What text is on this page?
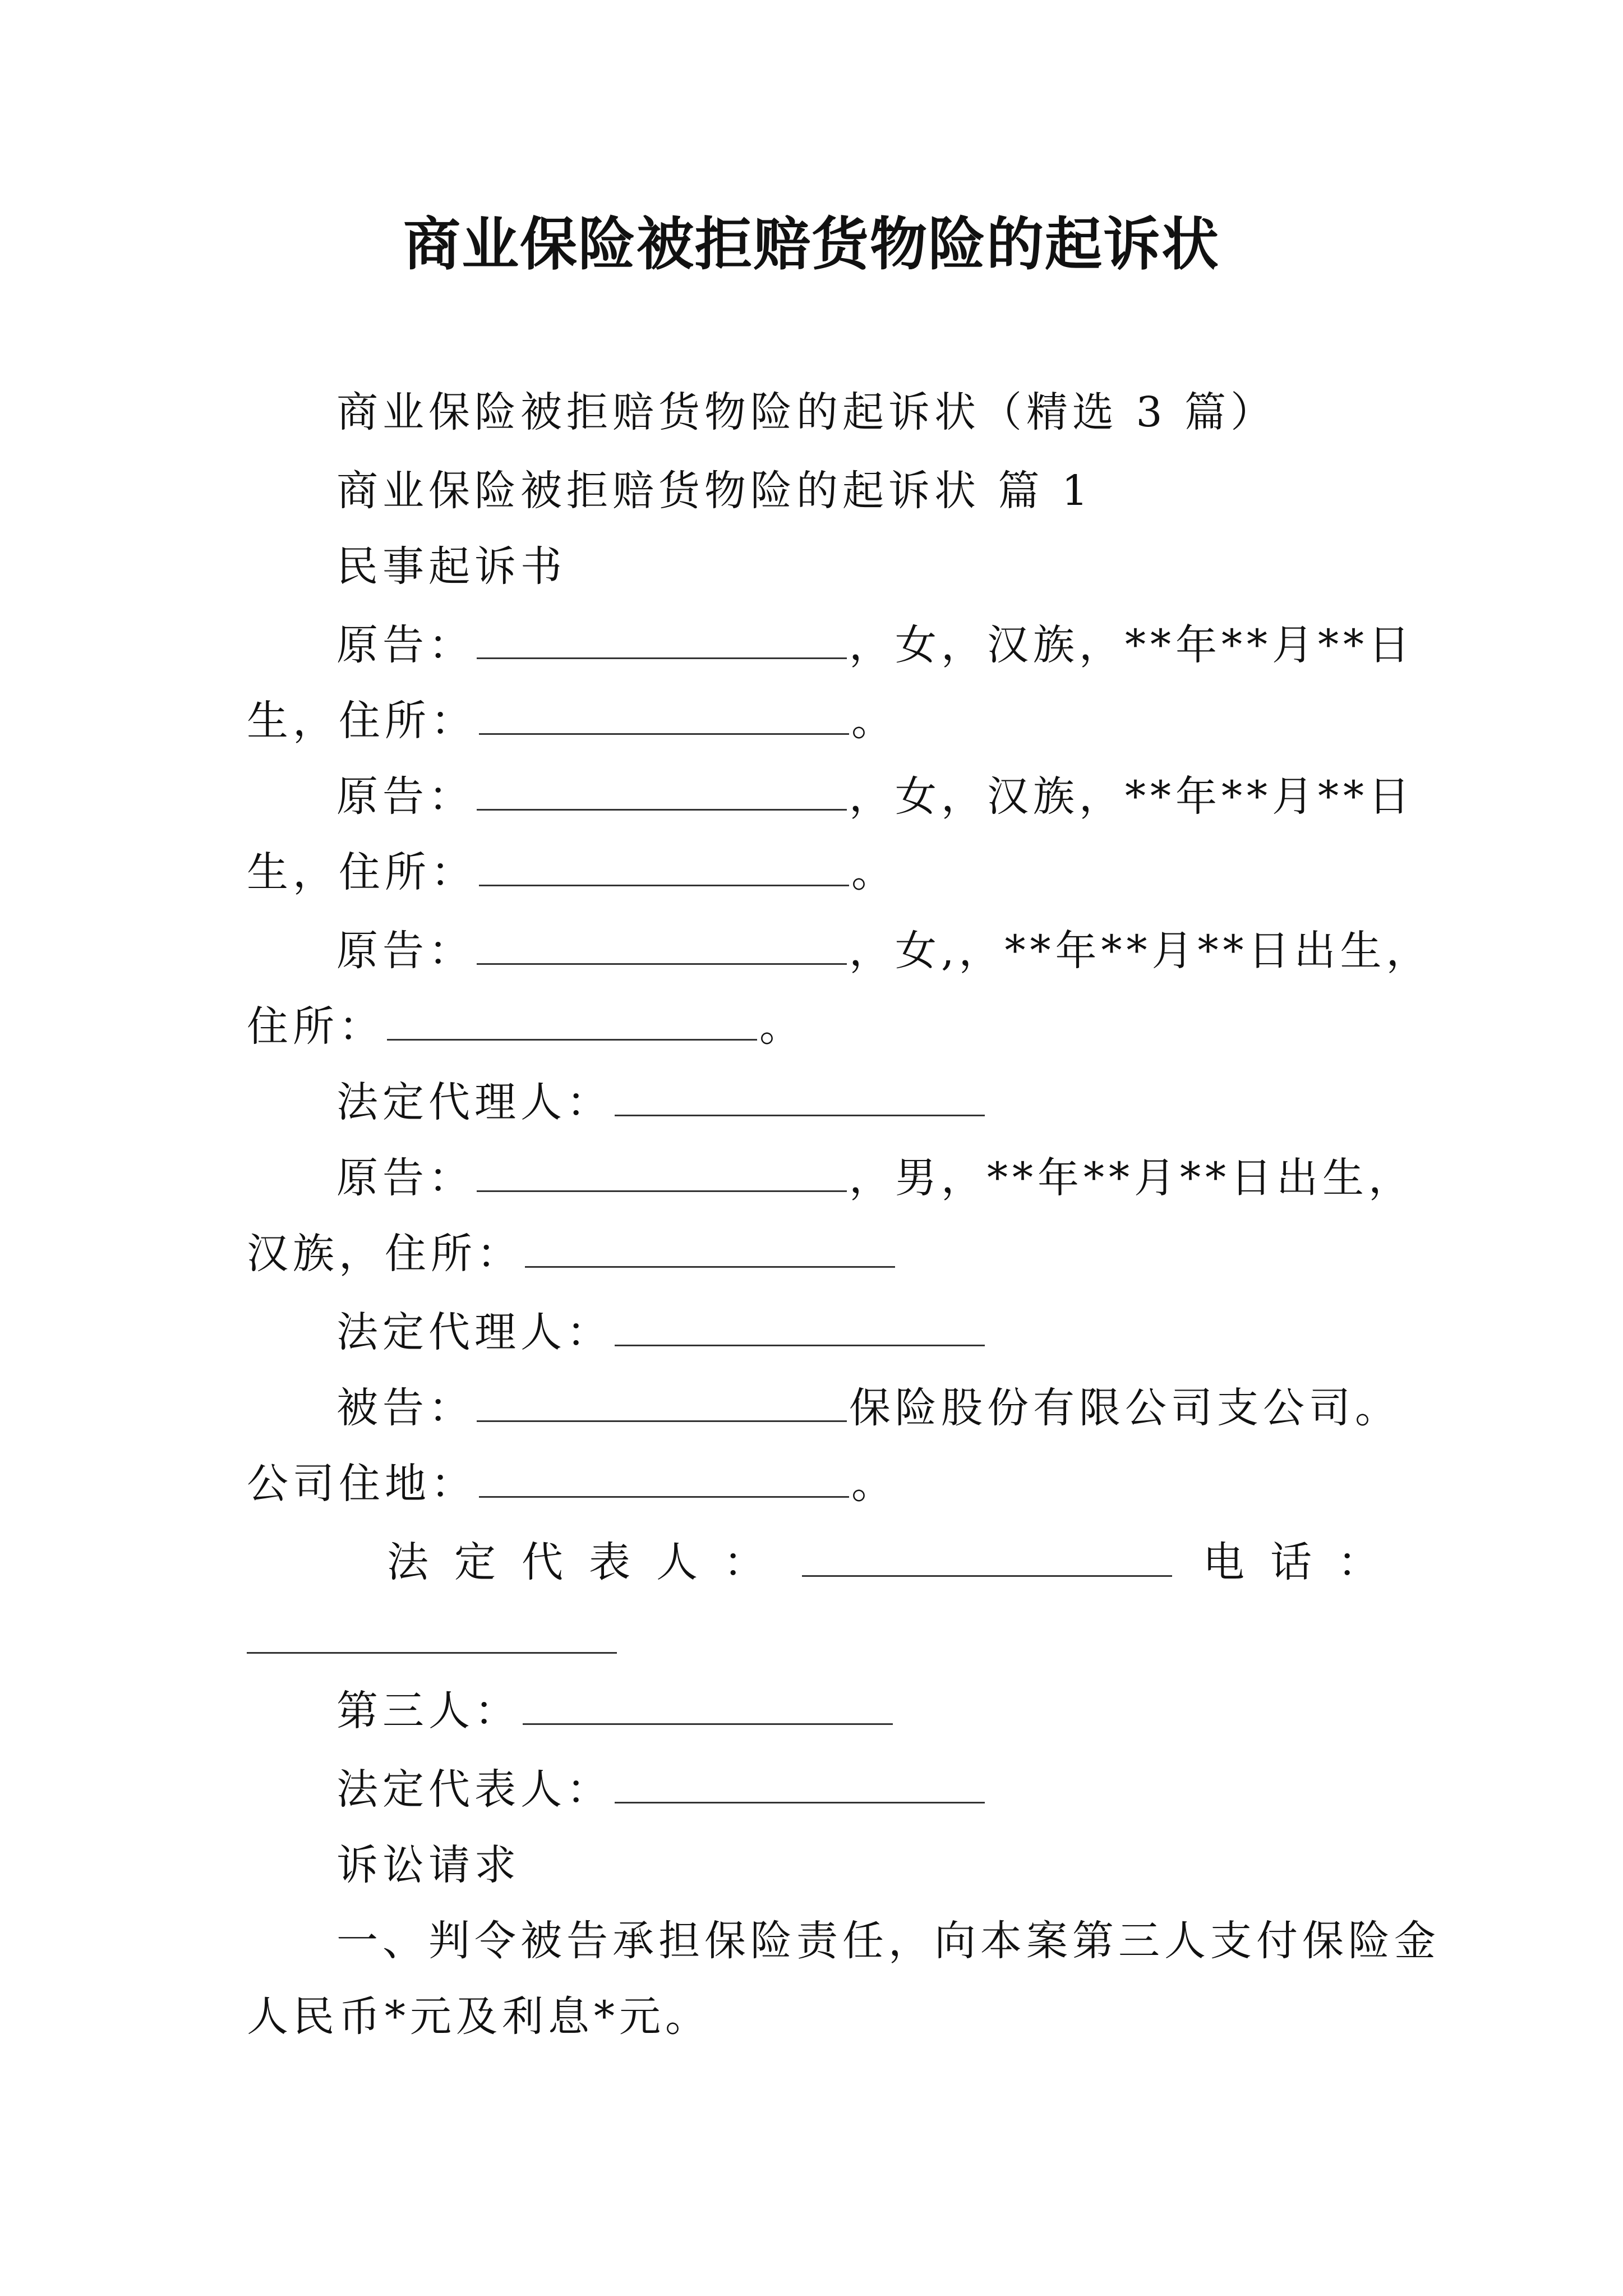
商业保险被拒赔货物险的起诉状
商业保险被拒赔货物险的起诉状（精选 3 篇）
商业保险被拒赔货物险的起诉状 篇 1
民事起诉书
原告：	，女，汉族，**年**月**日
生，住所：	。
原告：	，女，汉族，**年**月**日
生，住所：	。
原告：	，女,，**年**月**日出生，
住所：	。
法定代理人：
原告：	，男，**年**月**日出生，
汉族，住所：
法定代理人：
被告：	保险股份有限公司支公司。
公司住地：	。
法定代表人：	电话：
第三人：
法定代表人：
诉讼请求
一、判令被告承担保险责任，向本案第三人支付保险金
人民币*元及利息*元。
